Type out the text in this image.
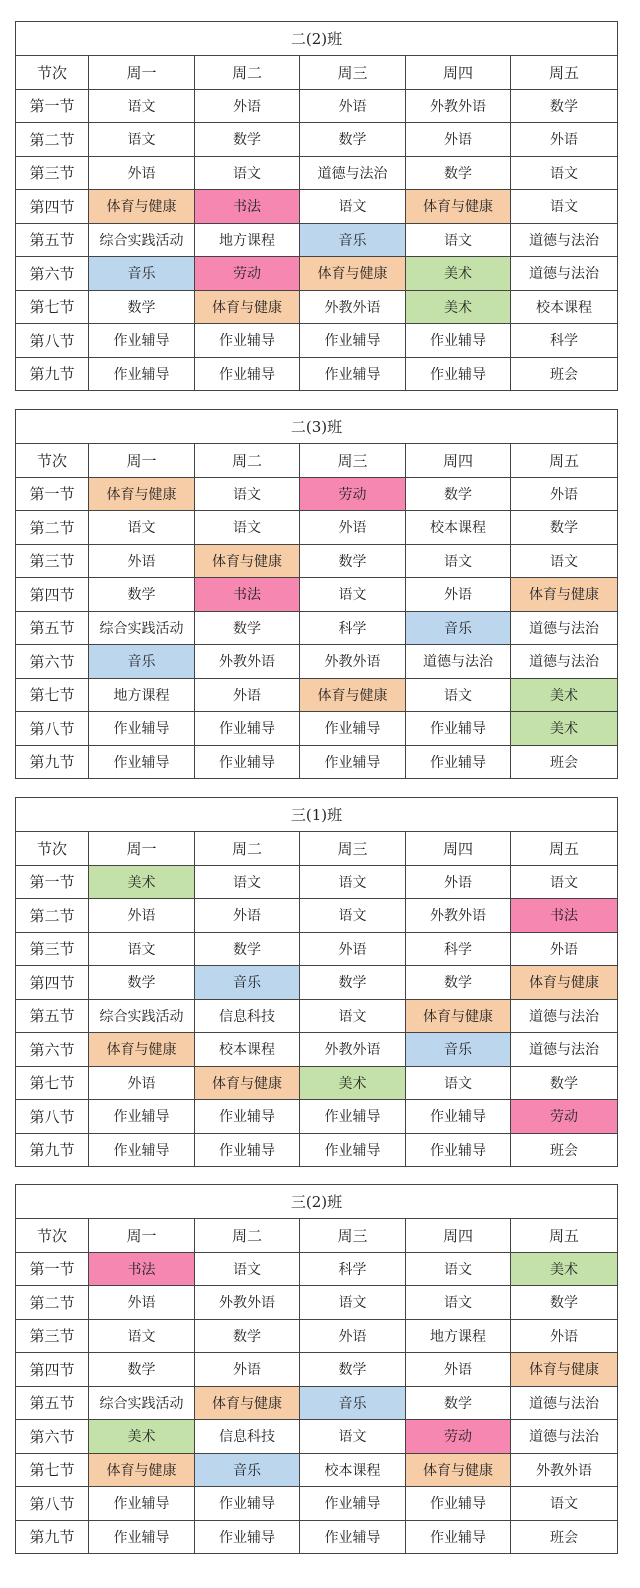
二(2)班					
节次	周一	周二	周三	周四	周五
第一节	语文	外语	外语	外教外语	数学
第二节	语文	数学	数学	外语	外语
第三节	外语	语文	道德与法治	数学	语文
第四节	体育与健康	书法	语文	体育与健康	语文
第五节	综合实践活动	地方课程	音乐	语文	道德与法治
第六节	音乐	劳动	体育与健康	美术	道德与法治
第七节	数学	体育与健康	外教外语	美术	校本课程
第八节	作业辅导	作业辅导	作业辅导	作业辅导	科学
第九节	作业辅导	作业辅导	作业辅导	作业辅导	班会
二(3)班					
节次	周一	周二	周三	周四	周五
第一节	体育与健康	语文	劳动	数学	外语
第二节	语文	语文	外语	校本课程	数学
第三节	外语	体育与健康	数学	语文	语文
第四节	数学	书法	语文	外语	体育与健康
第五节	综合实践活动	数学	科学	音乐	道德与法治
第六节	音乐	外教外语	外教外语	道德与法治	道德与法治
第七节	地方课程	外语	体育与健康	语文	美术
第八节	作业辅导	作业辅导	作业辅导	作业辅导	美术
第九节	作业辅导	作业辅导	作业辅导	作业辅导	班会
三(1)班					
节次	周一	周二	周三	周四	周五
第一节	美术	语文	语文	外语	语文
第二节	外语	外语	语文	外教外语	书法
第三节	语文	数学	外语	科学	外语
第四节	数学	音乐	数学	数学	体育与健康
第五节	综合实践活动	信息科技	语文	体育与健康	道德与法治
第六节	体育与健康	校本课程	外教外语	音乐	道德与法治
第七节	外语	体育与健康	美术	语文	数学
第八节	作业辅导	作业辅导	作业辅导	作业辅导	劳动
第九节	作业辅导	作业辅导	作业辅导	作业辅导	班会
三(2)班					
节次	周一	周二	周三	周四	周五
第一节	书法	语文	科学	语文	美术
第二节	外语	外教外语	语文	语文	数学
第三节	语文	数学	外语	地方课程	外语
第四节	数学	外语	数学	外语	体育与健康
第五节	综合实践活动	体育与健康	音乐	数学	道德与法治
第六节	美术	信息科技	语文	劳动	道德与法治
第七节	体育与健康	音乐	校本课程	体育与健康	外教外语
第八节	作业辅导	作业辅导	作业辅导	作业辅导	语文
第九节	作业辅导	作业辅导	作业辅导	作业辅导	班会
